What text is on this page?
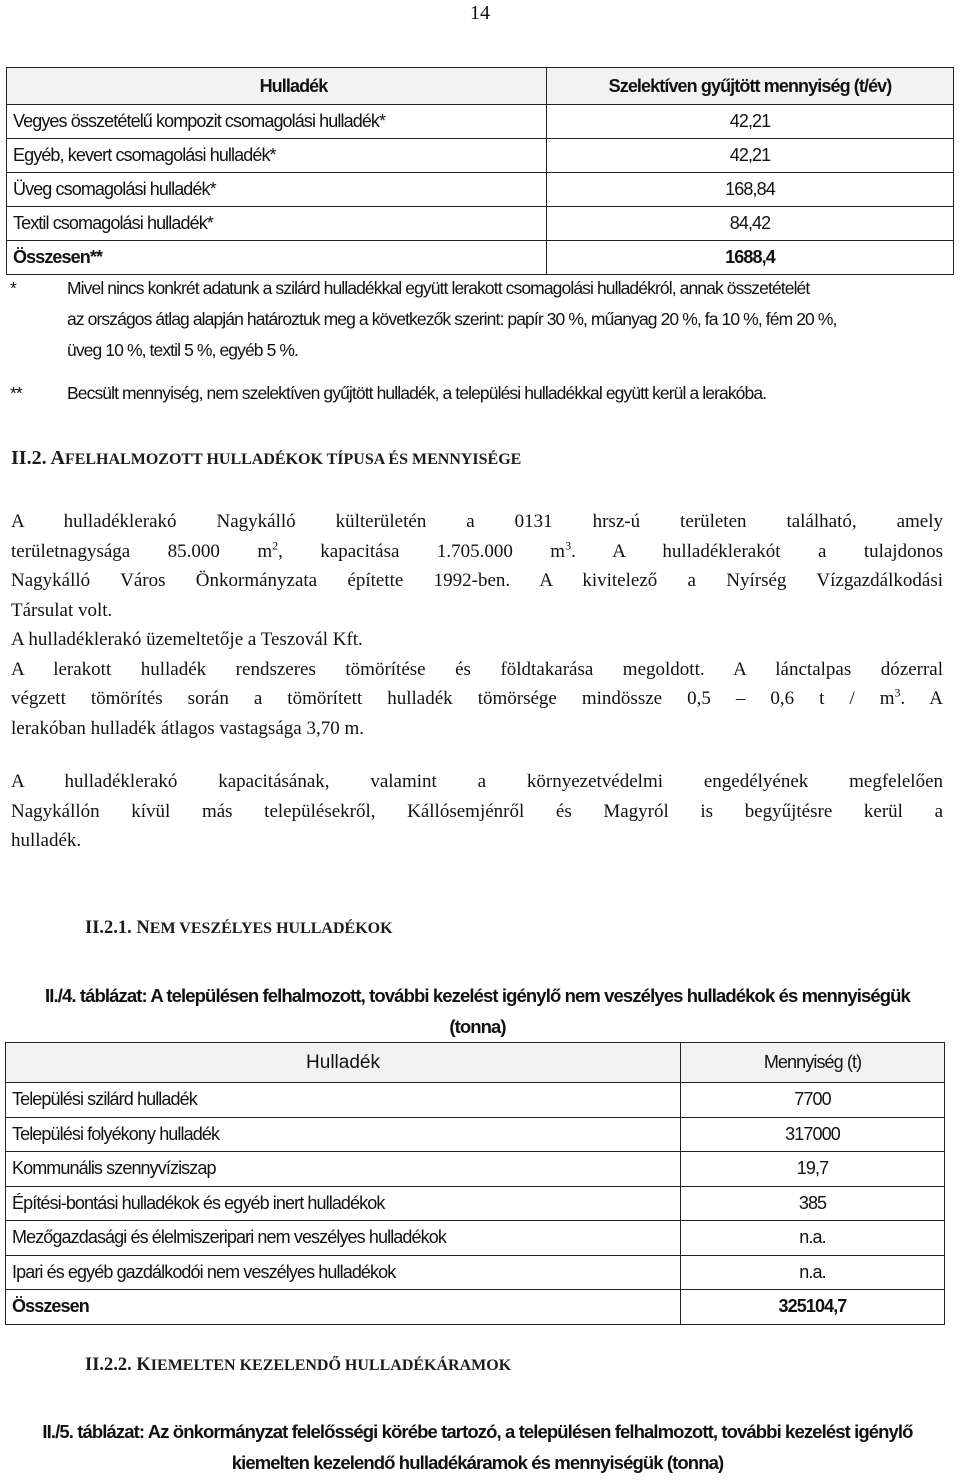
14
Hulladék	Szelektíven gyűjtött mennyiség (t/év)
Vegyes összetételű kompozit csomagolási hulladék*	42,21
Egyéb, kevert csomagolási hulladék*	42,21
Üveg csomagolási hulladék*	168,84
Textil csomagolási hulladék*	84,42
Összesen**	1688,4
*	Mivel nincs konkrét adatunk a szilárd hulladékkal együtt lerakott csomagolási hulladékról, annak összetételét
az országos átlag alapján határoztuk meg a következők szerint: papír 30 %, műanyag 20 %, fa 10 %, fém 20 %,
üveg 10 %, textil 5 %, egyéb 5 %.
**	Becsült mennyiség, nem szelektíven gyűjtött hulladék, a települési hulladékkal együtt kerül a lerakóba.
II.2. AFELHALMOZOTT HULLADÉKOK TÍPUSA ÉS MENNYISÉGE
A hulladéklerakó Nagykálló külterületén a 0131 hrsz-ú területen található, amely
területnagysága 85.000 $m^2$, kapacitása 1.705.000 $m^3$. A hulladéklerakót a tulajdonos
Nagykálló Város Önkormányzata építette 1992-ben. A kivitelező a Nyírség Vízgazdálkodási
Társulat volt.
A hulladéklerakó üzemeltetője a Teszovál Kft.
A lerakott hulladék rendszeres tömörítése és földtakarása megoldott. A lánctalpas dózerral
végzett tömörítés során a tömörített hulladék tömörsége mindössze 0,5 – 0,6 t / $m^3$. A
lerakóban hulladék átlagos vastagsága 3,70 m.
A hulladéklerakó kapacitásának, valamint a környezetvédelmi engedélyének megfelelően
Nagykállón kívül más településekről, Kállósemjénről és Magyról is begyűjtésre kerül a
hulladék.
II.2.1. NEM VESZÉLYES HULLADÉKOK
II./4. táblázat: A településen felhalmozott, további kezelést igénylő nem veszélyes hulladékok és mennyiségük
(tonna)
Hulladék	Mennyiség (t)
Települési szilárd hulladék	7700
Települési folyékony hulladék	317000
Kommunális szennyvíziszap	19,7
Építési-bontási hulladékok és egyéb inert hulladékok	385
Mezőgazdasági és élelmiszeripari nem veszélyes hulladékok	n.a.
Ipari és egyéb gazdálkodói nem veszélyes hulladékok	n.a.
Összesen	325104,7
II.2.2. KIEMELTEN KEZELENDŐ HULLADÉKÁRAMOK
II./5. táblázat: Az önkormányzat felelősségi körébe tartozó, a településen felhalmozott, további kezelést igénylő
kiemelten kezelendő hulladékáramok és mennyiségük (tonna)
